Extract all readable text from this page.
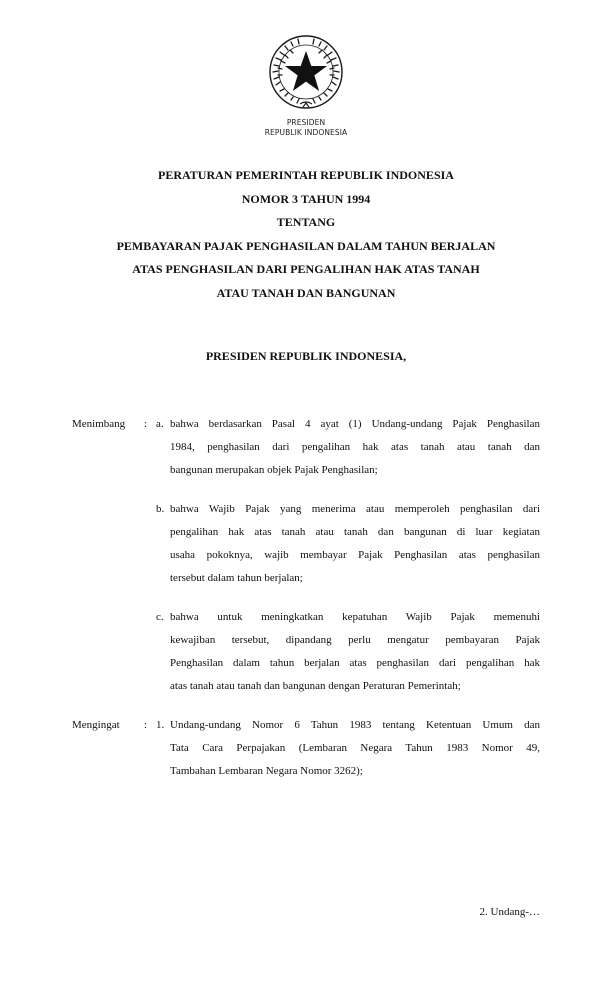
PRESIDEN
REPUBLIK INDONESIA
PERATURAN PEMERINTAH REPUBLIK INDONESIA
NOMOR 3 TAHUN 1994
TENTANG
PEMBAYARAN PAJAK PENGHASILAN DALAM TAHUN BERJALAN
ATAS PENGHASILAN DARI PENGALIHAN HAK ATAS TANAH
ATAU TANAH DAN BANGUNAN
PRESIDEN REPUBLIK INDONESIA,
Menimbang : a. bahwa berdasarkan Pasal 4 ayat (1) Undang-undang Pajak Penghasilan
1984, penghasilan dari pengalihan hak atas tanah atau tanah dan
bangunan merupakan objek Pajak Penghasilan;
b. bahwa Wajib Pajak yang menerima atau memperoleh penghasilan dari
pengalihan hak atas tanah atau tanah dan bangunan di luar kegiatan
usaha pokoknya, wajib membayar Pajak Penghasilan atas penghasilan
tersebut dalam tahun berjalan;
c. bahwa untuk meningkatkan kepatuhan Wajib Pajak memenuhi
kewajiban tersebut, dipandang perlu mengatur pembayaran Pajak
Penghasilan dalam tahun berjalan atas penghasilan dari pengalihan hak
atas tanah atau tanah dan bangunan dengan Peraturan Pemerintah;
Mengingat : 1. Undang-undang Nomor 6 Tahun 1983 tentang Ketentuan Umum dan
Tata Cara Perpajakan (Lembaran Negara Tahun 1983 Nomor 49,
Tambahan Lembaran Negara Nomor 3262);
2. Undang-…
